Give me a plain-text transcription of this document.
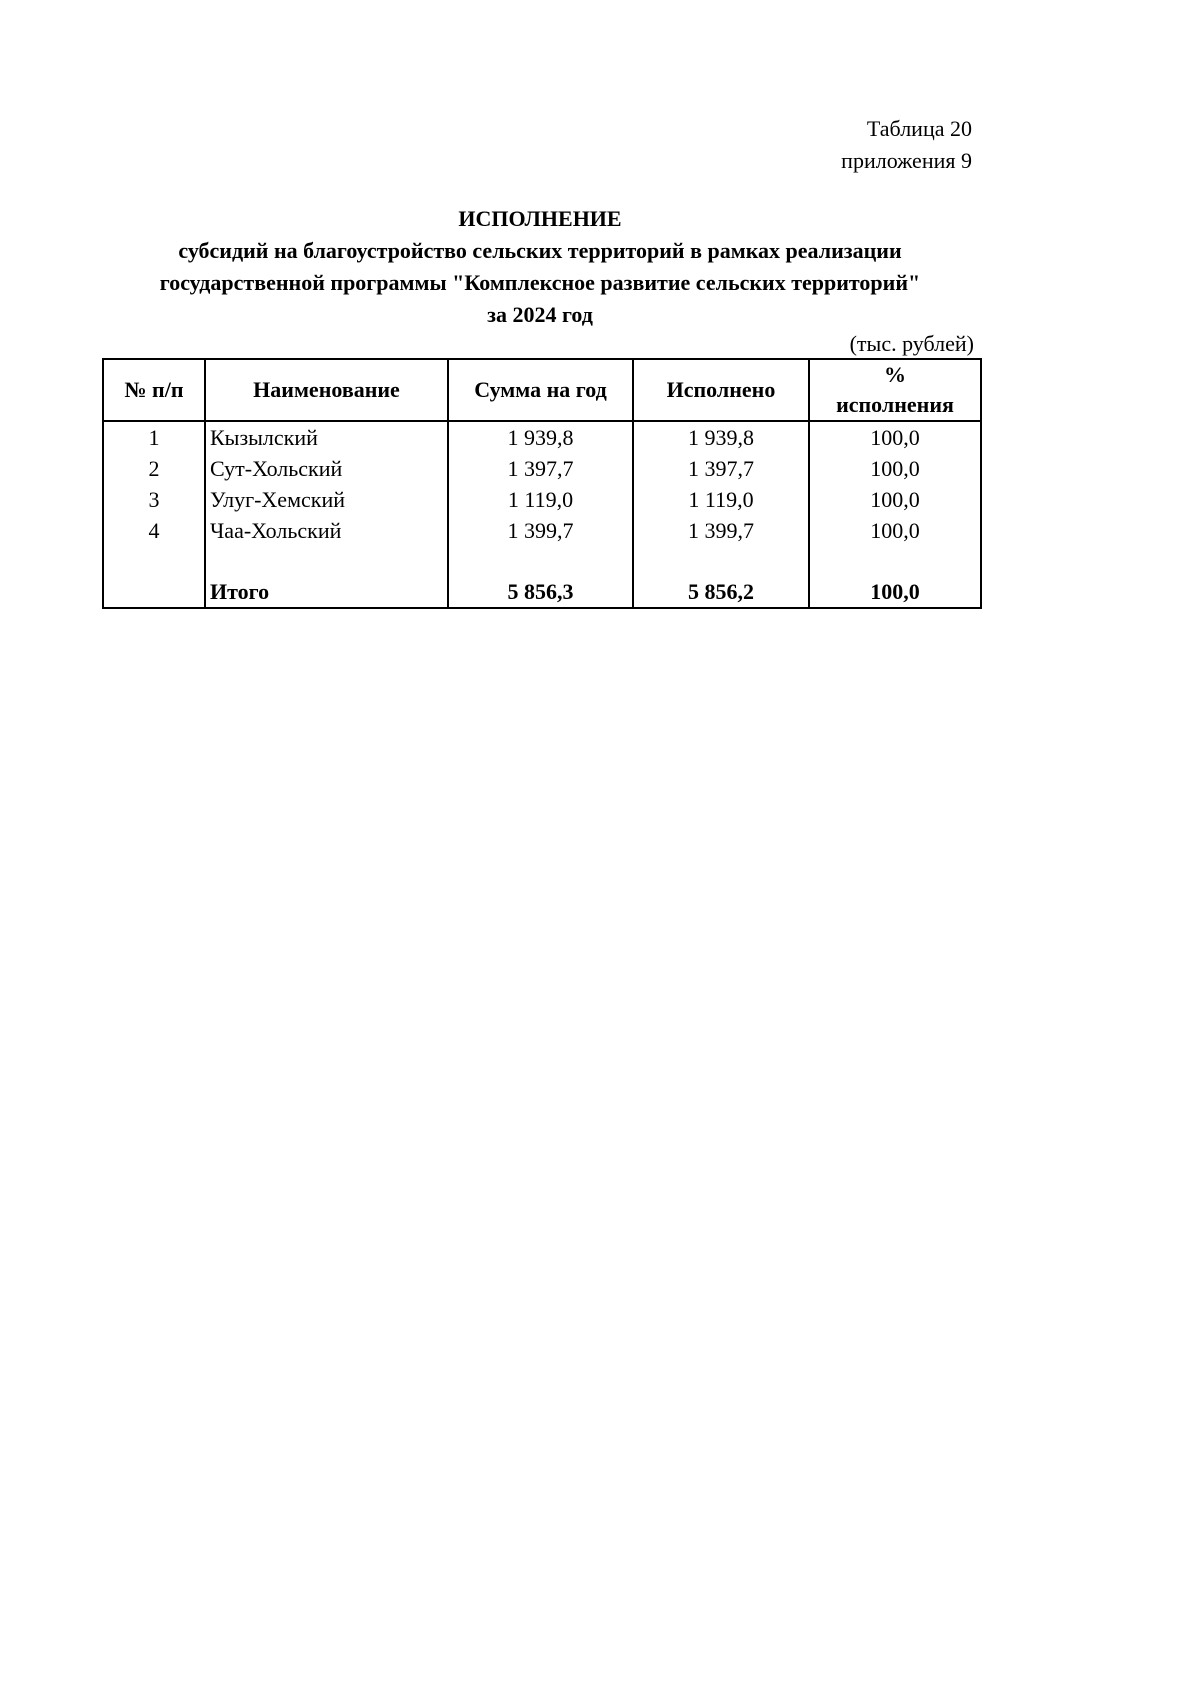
Таблица 20
приложения 9
ИСПОЛНЕНИЕ
субсидий на благоустройство сельских территорий в рамках реализации
государственной программы "Комплексное развитие сельских территорий"
за 2024 год
(тыс. рублей)
№ п/п	Наименование	Сумма на год	Исполнено	%
исполнения

1	Кызылский	1 939,8	1 939,8	100,0
2	Сут-Хольский	1 397,7	1 397,7	100,0
3	Улуг-Хемский	1 119,0	1 119,0	100,0
4	Чаа-Хольский	1 399,7	1 399,7	100,0

	Итого	5 856,3	5 856,2	100,0
